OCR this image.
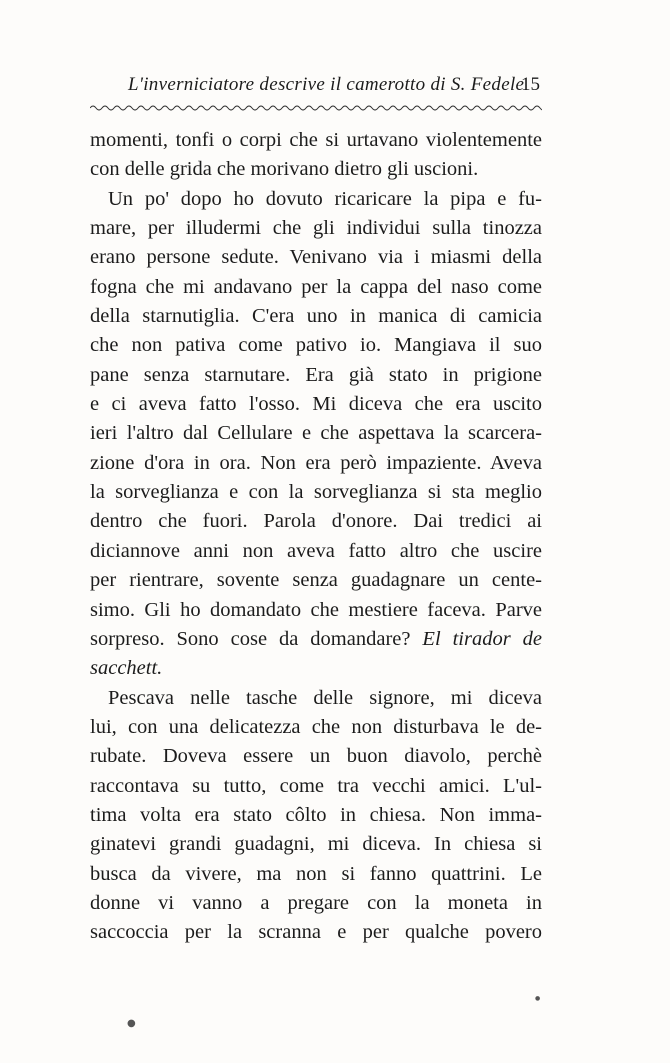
L'inverniciatore descrive il camerotto di S. Fedele
15
momenti, tonfi o corpi che si urtavano violentemente
con delle grida che morivano dietro gli uscioni.
Un po' dopo ho dovuto ricaricare la pipa e fu-
mare, per illudermi che gli individui sulla tinozza
erano persone sedute. Venivano via i miasmi della
fogna che mi andavano per la cappa del naso come
della starnutiglia. C'era uno in manica di camicia
che non pativa come pativo io. Mangiava il suo
pane senza starnutare. Era già stato in prigione
e ci aveva fatto l'osso. Mi diceva che era uscito
ieri l'altro dal Cellulare e che aspettava la scarcera-
zione d'ora in ora. Non era però impaziente. Aveva
la sorveglianza e con la sorveglianza si sta meglio
dentro che fuori. Parola d'onore. Dai tredici ai
diciannove anni non aveva fatto altro che uscire
per rientrare, sovente senza guadagnare un cente-
simo. Gli ho domandato che mestiere faceva. Parve
sorpreso. Sono cose da domandare? El tirador de
sacchett.
Pescava nelle tasche delle signore, mi diceva
lui, con una delicatezza che non disturbava le de-
rubate. Doveva essere un buon diavolo, perchè
raccontava su tutto, come tra vecchi amici. L'ul-
tima volta era stato côlto in chiesa. Non imma-
ginatevi grandi guadagni, mi diceva. In chiesa si
busca da vivere, ma non si fanno quattrini. Le
donne vi vanno a pregare con la moneta in
saccoccia per la scranna e per qualche povero
●
●
